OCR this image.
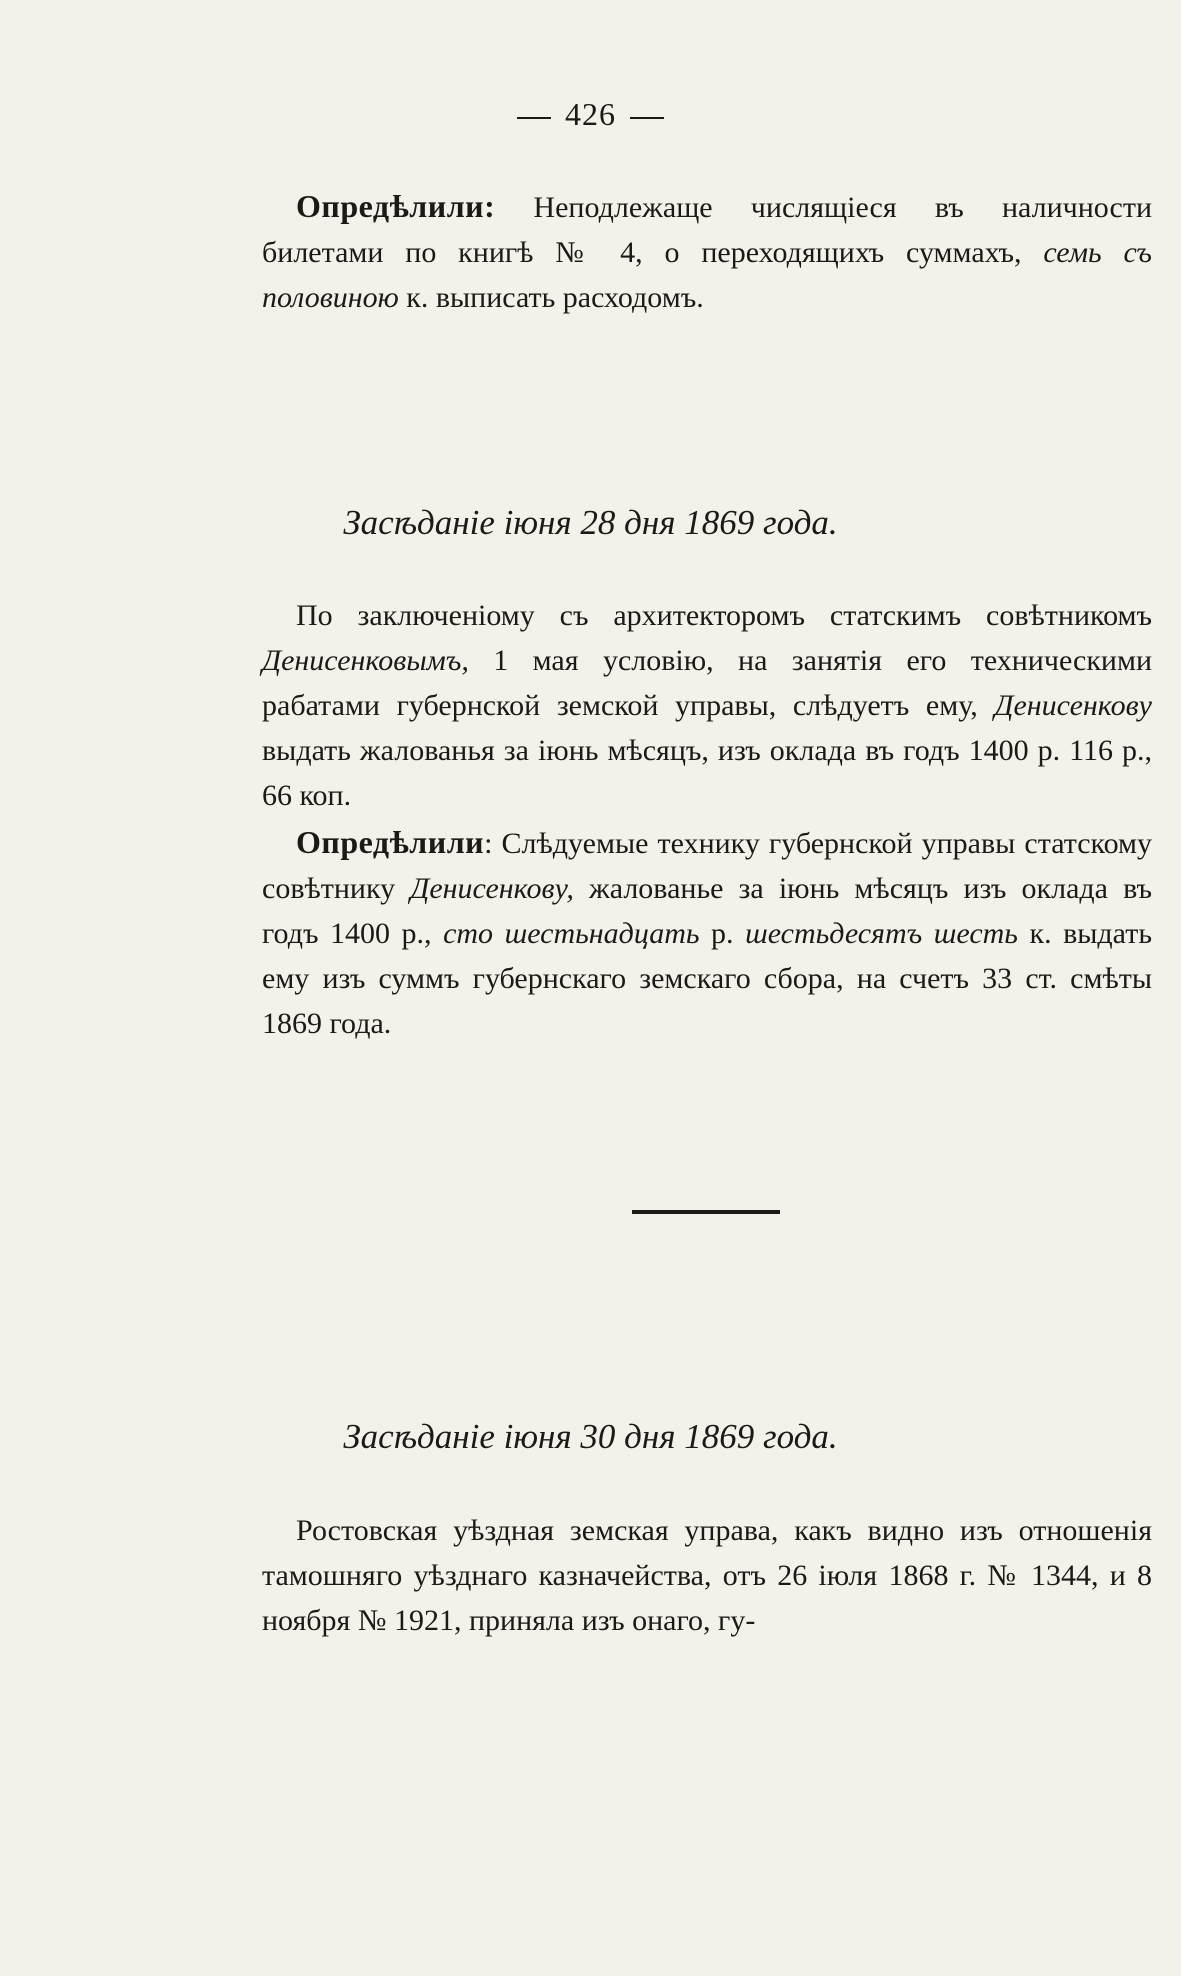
426

Опредѣлили: Неподлежаще числящіеся въ наличности билетами по книгѣ № 4, о переходящихъ суммахъ, семь съ половиною к. выписать расходомъ.

Засѣданіе іюня 28 дня 1869 года.

По заключеніому съ архитекторомъ статскимъ совѣтникомъ Денисенковымъ, 1 мая условію, на занятія его техническими рабатами губернской земской управы, слѣдуетъ ему, Денисенкову выдать жалованья за іюнь мѣсяцъ, изъ оклада въ годъ 1400 р. 116 р., 66 коп.

Опредѣлили: Слѣдуемые технику губернской управы статскому совѣтнику Денисенкову, жалованье за іюнь мѣсяцъ изъ оклада въ годъ 1400 р., сто шестьнадцать р. шестьдесятъ шесть к. выдать ему изъ суммъ губернскаго земскаго сбора, на счетъ 33 ст. смѣты 1869 года.

Засѣданіе іюня 30 дня 1869 года.

Ростовская уѣздная земская управа, какъ видно изъ отношенія тамошняго уѣзднаго казначейства, отъ 26 іюля 1868 г. № 1344, и 8 ноября № 1921, приняла изъ онаго, гу-
